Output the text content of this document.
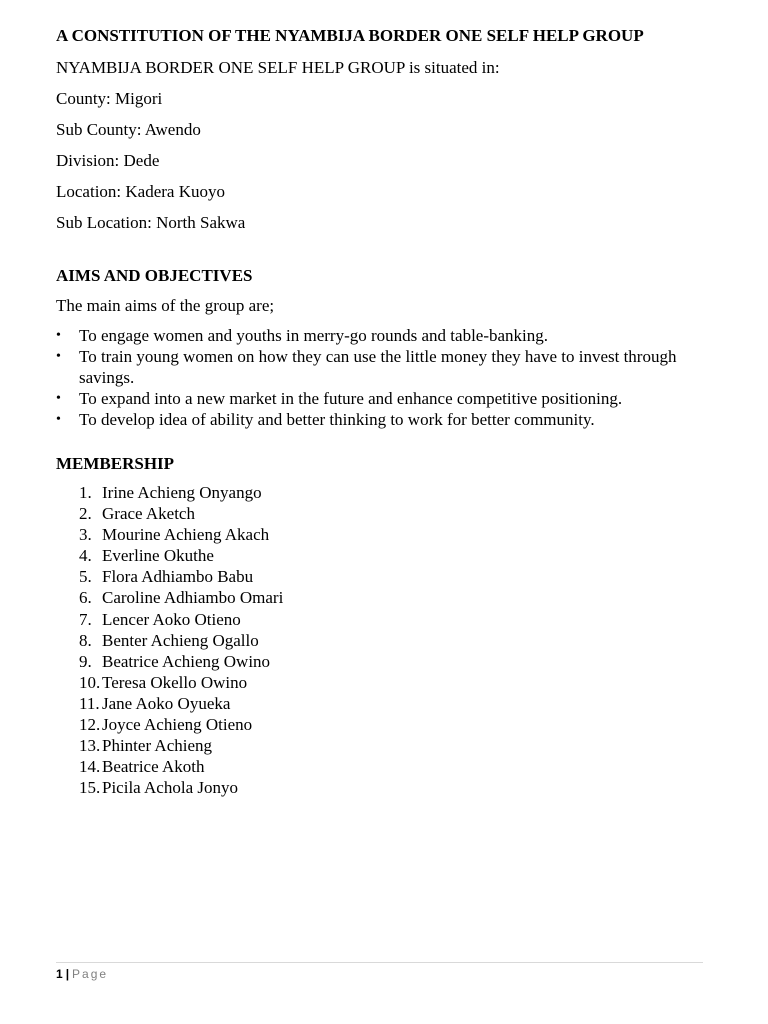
A CONSTITUTION OF THE NYAMBIJA BORDER ONE SELF HELP GROUP
NYAMBIJA BORDER ONE SELF HELP GROUP is situated in:
County: Migori
Sub County: Awendo
Division: Dede
Location: Kadera Kuoyo
Sub Location: North Sakwa
AIMS AND OBJECTIVES
The main aims of the group are;
•	To engage women and youths in merry-go rounds and table-banking.
•	To train young women on how they can use the little money they have to invest through savings.
•	To expand into a new market in the future and enhance competitive positioning.
•	To develop idea of ability and better thinking to work for better community.
MEMBERSHIP
1. Irine Achieng Onyango
2. Grace Aketch
3. Mourine Achieng Akach
4. Everline Okuthe
5. Flora Adhiambo Babu
6. Caroline Adhiambo Omari
7. Lencer Aoko Otieno
8. Benter Achieng Ogallo
9. Beatrice Achieng Owino
10. Teresa Okello Owino
11. Jane Aoko Oyueka
12. Joyce Achieng Otieno
13. Phinter Achieng
14. Beatrice Akoth
15. Picila Achola Jonyo
1 | Page
